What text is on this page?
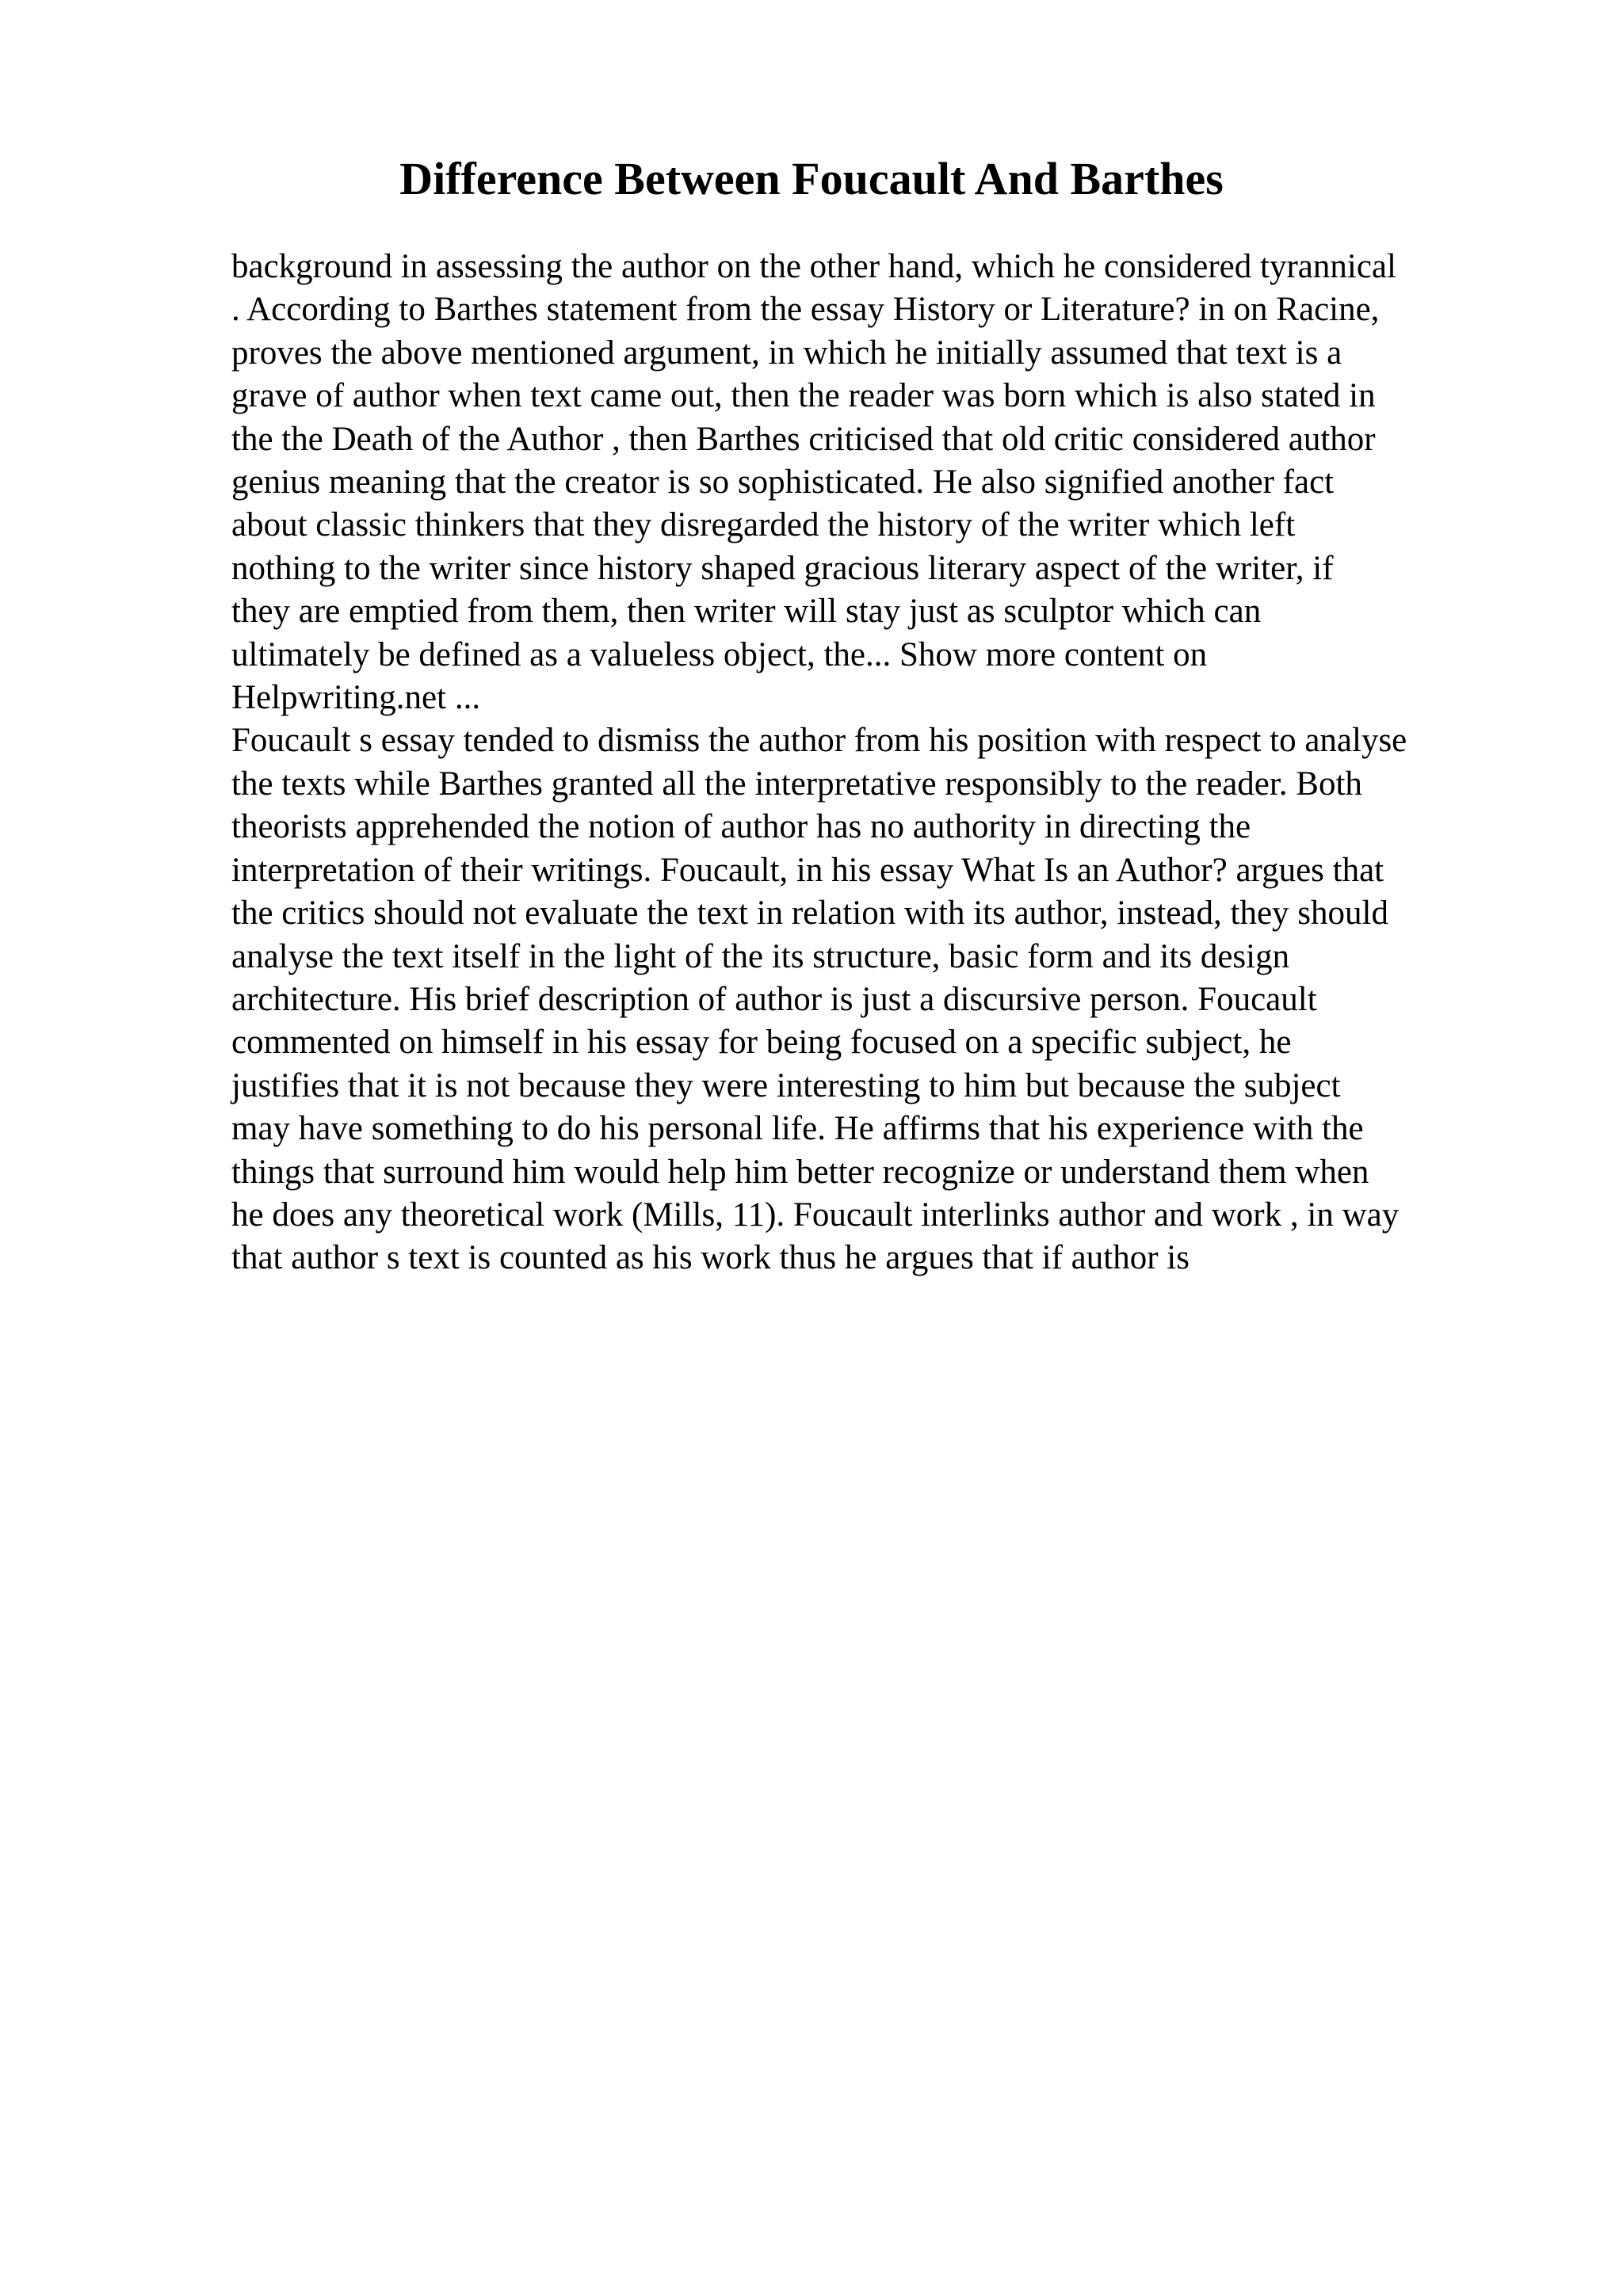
Difference Between Foucault And Barthes
background in assessing the author on the other hand, which he considered tyrannical
. According to Barthes statement from the essay History or Literature? in on Racine,
proves the above mentioned argument, in which he initially assumed that text is a
grave of author when text came out, then the reader was born which is also stated in
the the Death of the Author , then Barthes criticised that old critic considered author
genius meaning that the creator is so sophisticated. He also signified another fact
about classic thinkers that they disregarded the history of the writer which left
nothing to the writer since history shaped gracious literary aspect of the writer, if
they are emptied from them, then writer will stay just as sculptor which can
ultimately be defined as a valueless object, the... Show more content on
Helpwriting.net ...
Foucault s essay tended to dismiss the author from his position with respect to analyse
the texts while Barthes granted all the interpretative responsibly to the reader. Both
theorists apprehended the notion of author has no authority in directing the
interpretation of their writings. Foucault, in his essay What Is an Author? argues that
the critics should not evaluate the text in relation with its author, instead, they should
analyse the text itself in the light of the its structure, basic form and its design
architecture. His brief description of author is just a discursive person. Foucault
commented on himself in his essay for being focused on a specific subject, he
justifies that it is not because they were interesting to him but because the subject
may have something to do his personal life. He affirms that his experience with the
things that surround him would help him better recognize or understand them when
he does any theoretical work (Mills, 11). Foucault interlinks author and work , in way
that author s text is counted as his work thus he argues that if author is
